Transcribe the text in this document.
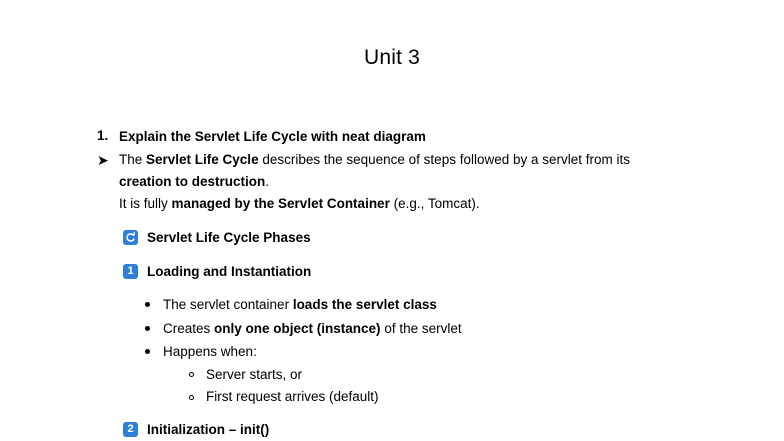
Unit 3
1. Explain the Servlet Life Cycle with neat diagram
➤ The Servlet Life Cycle describes the sequence of steps followed by a servlet from its
creation to destruction.
It is fully managed by the Servlet Container (e.g., Tomcat).
Servlet Life Cycle Phases
1 Loading and Instantiation
The servlet container loads the servlet class
Creates only one object (instance) of the servlet
Happens when:
Server starts, or
First request arrives (default)
2 Initialization – init()
